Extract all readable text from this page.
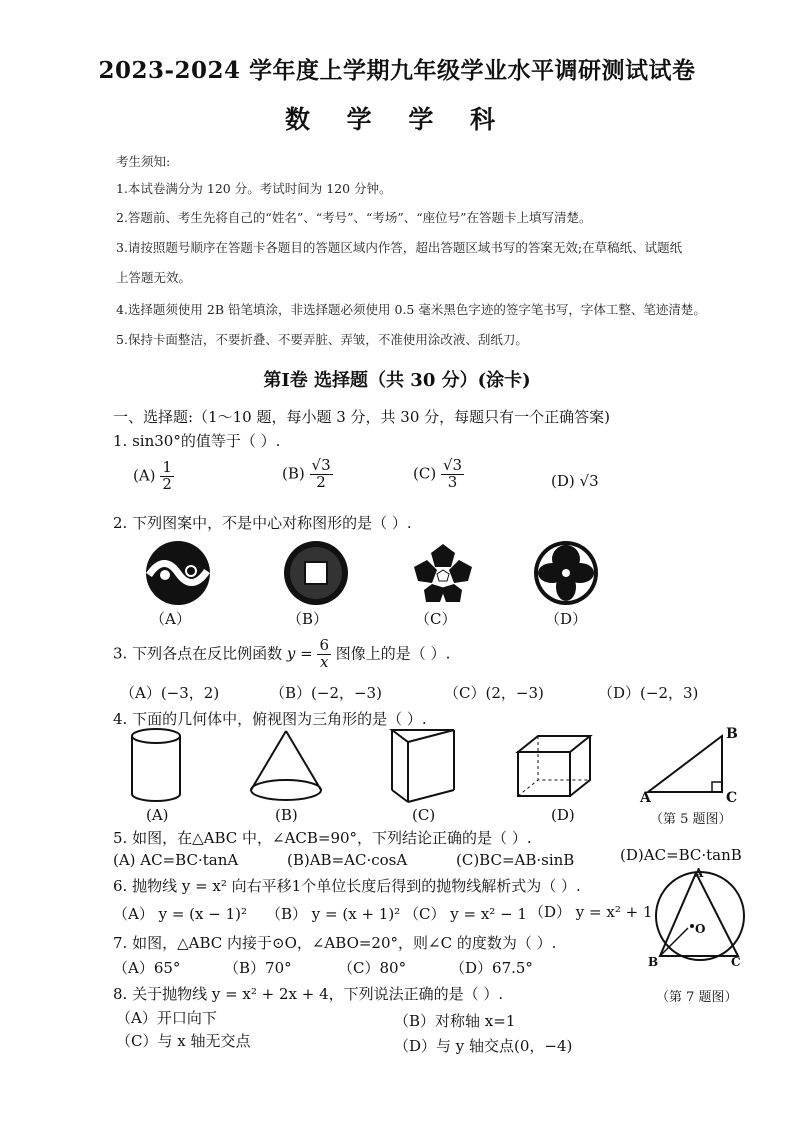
2023-2024 学年度上学期九年级学业水平调研测试试卷
数 学 学 科
考生须知:
1.本试卷满分为 120 分。考试时间为 120 分钟。
2.答题前、考生先将自己的“姓名”、“考号”、“考场”、“座位号”在答题卡上填写清楚。
3.请按照题号顺序在答题卡各题目的答题区域内作答，超出答题区域书写的答案无效;在草稿纸、试题纸
上答题无效。
4.选择题须使用 2B 铅笔填涂，非选择题必须使用 0.5 毫米黑色字迹的签字笔书写，字体工整、笔迹清楚。
5.保持卡面整洁，不要折叠、不要弄脏、弄皱，不准使用涂改液、刮纸刀。
第Ⅰ卷 选择题（共 30 分）(涂卡)
一、选择题:（1～10 题，每小题 3 分，共 30 分，每题只有一个正确答案)
1. sin30°的值等于（ ）.
$(A) \frac{1}{2}$	$(B) \frac{√3}{2}$	$(C) \frac{√3}{3}$	(D) √3
2. 下列图案中，不是中心对称图形的是（ ）.
（A）	（B）	（C）	（D）
3. 下列各点在反比例函数 $y = \frac{6}{x}$ 图像上的是（ ）.
（A）(−3，2)	（B）(−2，−3)	（C）(2，−3)	（D）(−2，3)
4. 下面的几何体中，俯视图为三角形的是（ ）.
(A)	(B)	(C)	(D)
B
A	C
（第 5 题图）
5. 如图，在△ABC 中，∠ACB=90°，下列结论正确的是（ ）.
(A) AC=BC·tanA	(B)AB=AC·cosA	(C)BC=AB·sinB	(D)AC=BC·tanB
6. 抛物线 y = x² 向右平移1个单位长度后得到的抛物线解析式为（ ）.
（A） y = (x − 1)² （B） y = (x + 1)² （C） y = x² − 1 （D） y = x² + 1
A
O
B	C
（第 7 题图）
7. 如图，△ABC 内接于⊙O，∠ABO=20°，则∠C 的度数为（ ）.
（A）65°	（B）70°	（C）80°	（D）67.5°
8. 关于抛物线 y = x² + 2x + 4，下列说法正确的是（ ）.
（A）开口向下	（B）对称轴 x=1
（C）与 x 轴无交点	（D）与 y 轴交点(0，−4)
